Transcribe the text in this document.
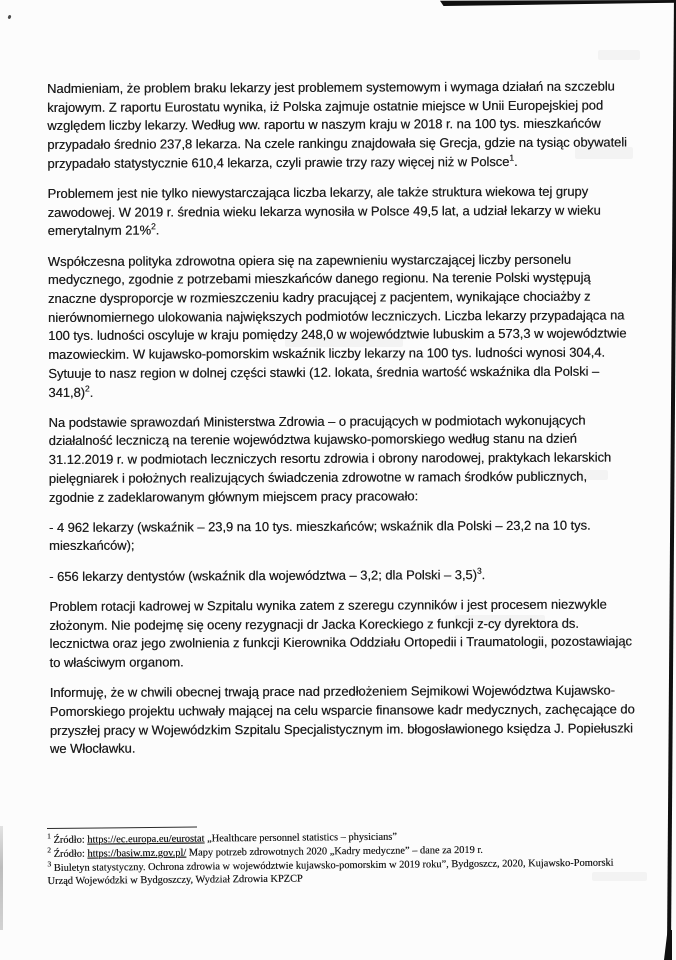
Nadmieniam, że problem braku lekarzy jest problemem systemowym i wymaga działań na szczeblu krajowym. Z raportu Eurostatu wynika, iż Polska zajmuje ostatnie miejsce w Unii Europejskiej pod względem liczby lekarzy. Według ww. raportu w naszym kraju w 2018 r. na 100 tys. mieszkańców przypadało średnio 237,8 lekarza. Na czele rankingu znajdowała się Grecja, gdzie na tysiąc obywateli przypadało statystycznie 610,4 lekarza, czyli prawie trzy razy więcej niż w Polsce$^1$.

Problemem jest nie tylko niewystarczająca liczba lekarzy, ale także struktura wiekowa tej grupy zawodowej. W 2019 r. średnia wieku lekarza wynosiła w Polsce 49,5 lat, a udział lekarzy w wieku emerytalnym 21%$^2$.

Współczesna polityka zdrowotna opiera się na zapewnieniu wystarczającej liczby personelu medycznego, zgodnie z potrzebami mieszkańców danego regionu. Na terenie Polski występują znaczne dysproporcje w rozmieszczeniu kadry pracującej z pacjentem, wynikające chociażby z nierównomiernego ulokowania największych podmiotów leczniczych. Liczba lekarzy przypadająca na 100 tys. ludności oscyluje w kraju pomiędzy 248,0 w województwie lubuskim a 573,3 w województwie mazowieckim. W kujawsko-pomorskim wskaźnik liczby lekarzy na 100 tys. ludności wynosi 304,4. Sytuuje to nasz region w dolnej części stawki (12. lokata, średnia wartość wskaźnika dla Polski – 341,8)$^2$.

Na podstawie sprawozdań Ministerstwa Zdrowia – o pracujących w podmiotach wykonujących działalność leczniczą na terenie województwa kujawsko-pomorskiego według stanu na dzień 31.12.2019 r. w podmiotach leczniczych resortu zdrowia i obrony narodowej, praktykach lekarskich pielęgniarek i położnych realizujących świadczenia zdrowotne w ramach środków publicznych, zgodnie z zadeklarowanym głównym miejscem pracy pracowało:

- 4 962 lekarzy (wskaźnik – 23,9 na 10 tys. mieszkańców; wskaźnik dla Polski – 23,2 na 10 tys. mieszkańców);

- 656 lekarzy dentystów (wskaźnik dla województwa – 3,2; dla Polski – 3,5)$^3$.

Problem rotacji kadrowej w Szpitalu wynika zatem z szeregu czynników i jest procesem niezwykle złożonym. Nie podejmę się oceny rezygnacji dr Jacka Koreckiego z funkcji z-cy dyrektora ds. lecznictwa oraz jego zwolnienia z funkcji Kierownika Oddziału Ortopedii i Traumatologii, pozostawiając to właściwym organom.

Informuję, że w chwili obecnej trwają prace nad przedłożeniem Sejmikowi Województwa Kujawsko-Pomorskiego projektu uchwały mającej na celu wsparcie finansowe kadr medycznych, zachęcające do przyszłej pracy w Wojewódzkim Szpitalu Specjalistycznym im. błogosławionego księdza J. Popiełuszki we Włocławku.

$^1$ Źródło: https://ec.europa.eu/eurostat „Healthcare personnel statistics – physicians”

$^2$ Źródło: https://basiw.mz.gov.pl/ Mapy potrzeb zdrowotnych 2020 „Kadry medyczne” – dane za 2019 r.

$^3$ Biuletyn statystyczny. Ochrona zdrowia w województwie kujawsko-pomorskim w 2019 roku”, Bydgoszcz, 2020, Kujawsko-Pomorski Urząd Wojewódzki w Bydgoszczy, Wydział Zdrowia KPZCP
